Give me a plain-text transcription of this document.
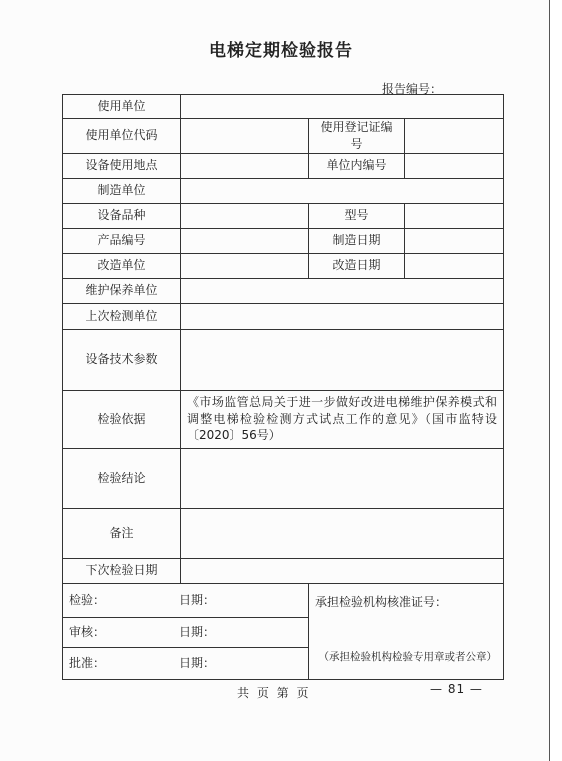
电梯定期检验报告
报告编号：
使用单位			
使用单位代码		使用登记证编号	
设备使用地点		单位内编号	
制造单位			
设备品种		型号	
产品编号		制造日期	
改造单位		改造日期	
维护保养单位			
上次检测单位			
设备技术参数			
检验依据	《市场监管总局关于进一步做好改进电梯维护保养模式和调整电梯检验检测方式试点工作的意见》（国市监特设〔2020〕56号）		
检验结论			
备注			
下次检验日期			
检验： 日期：		承担检验机构核准证号：
（承担检验机构检验专用章或者公章）	

审核： 日期：			
批准： 日期：			
共 页 第 页	— 81 —
